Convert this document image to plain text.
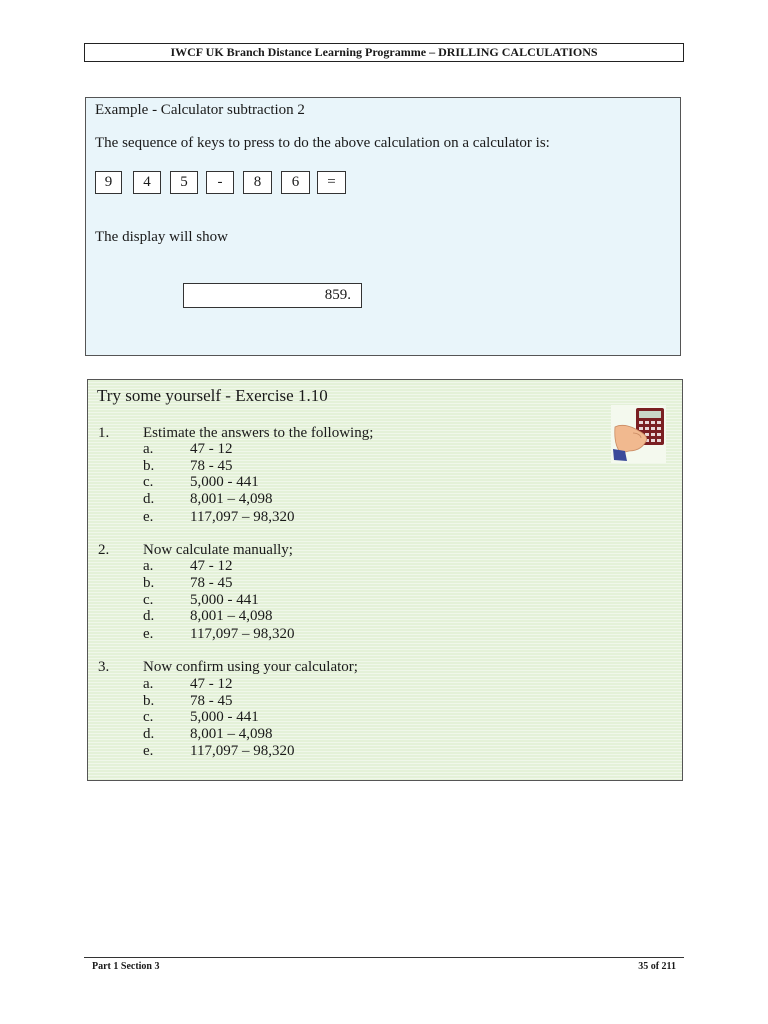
IWCF UK Branch Distance Learning Programme – DRILLING CALCULATIONS
Example - Calculator subtraction 2
The sequence of keys to press to do the above calculation on a calculator is:
9	4	5	-	8	6	=
The display will show
859.
Try some yourself - Exercise 1.10
1. Estimate the answers to the following;
a. 47 - 12
b. 78 - 45
c. 5,000 - 441
d. 8,001 – 4,098
e. 117,097 – 98,320
2. Now calculate manually;
a. 47 - 12
b. 78 - 45
c. 5,000 - 441
d. 8,001 – 4,098
e. 117,097 – 98,320
3. Now confirm using your calculator;
a. 47 - 12
b. 78 - 45
c. 5,000 - 441
d. 8,001 – 4,098
e. 117,097 – 98,320
Part 1 Section 3	35 of 211
